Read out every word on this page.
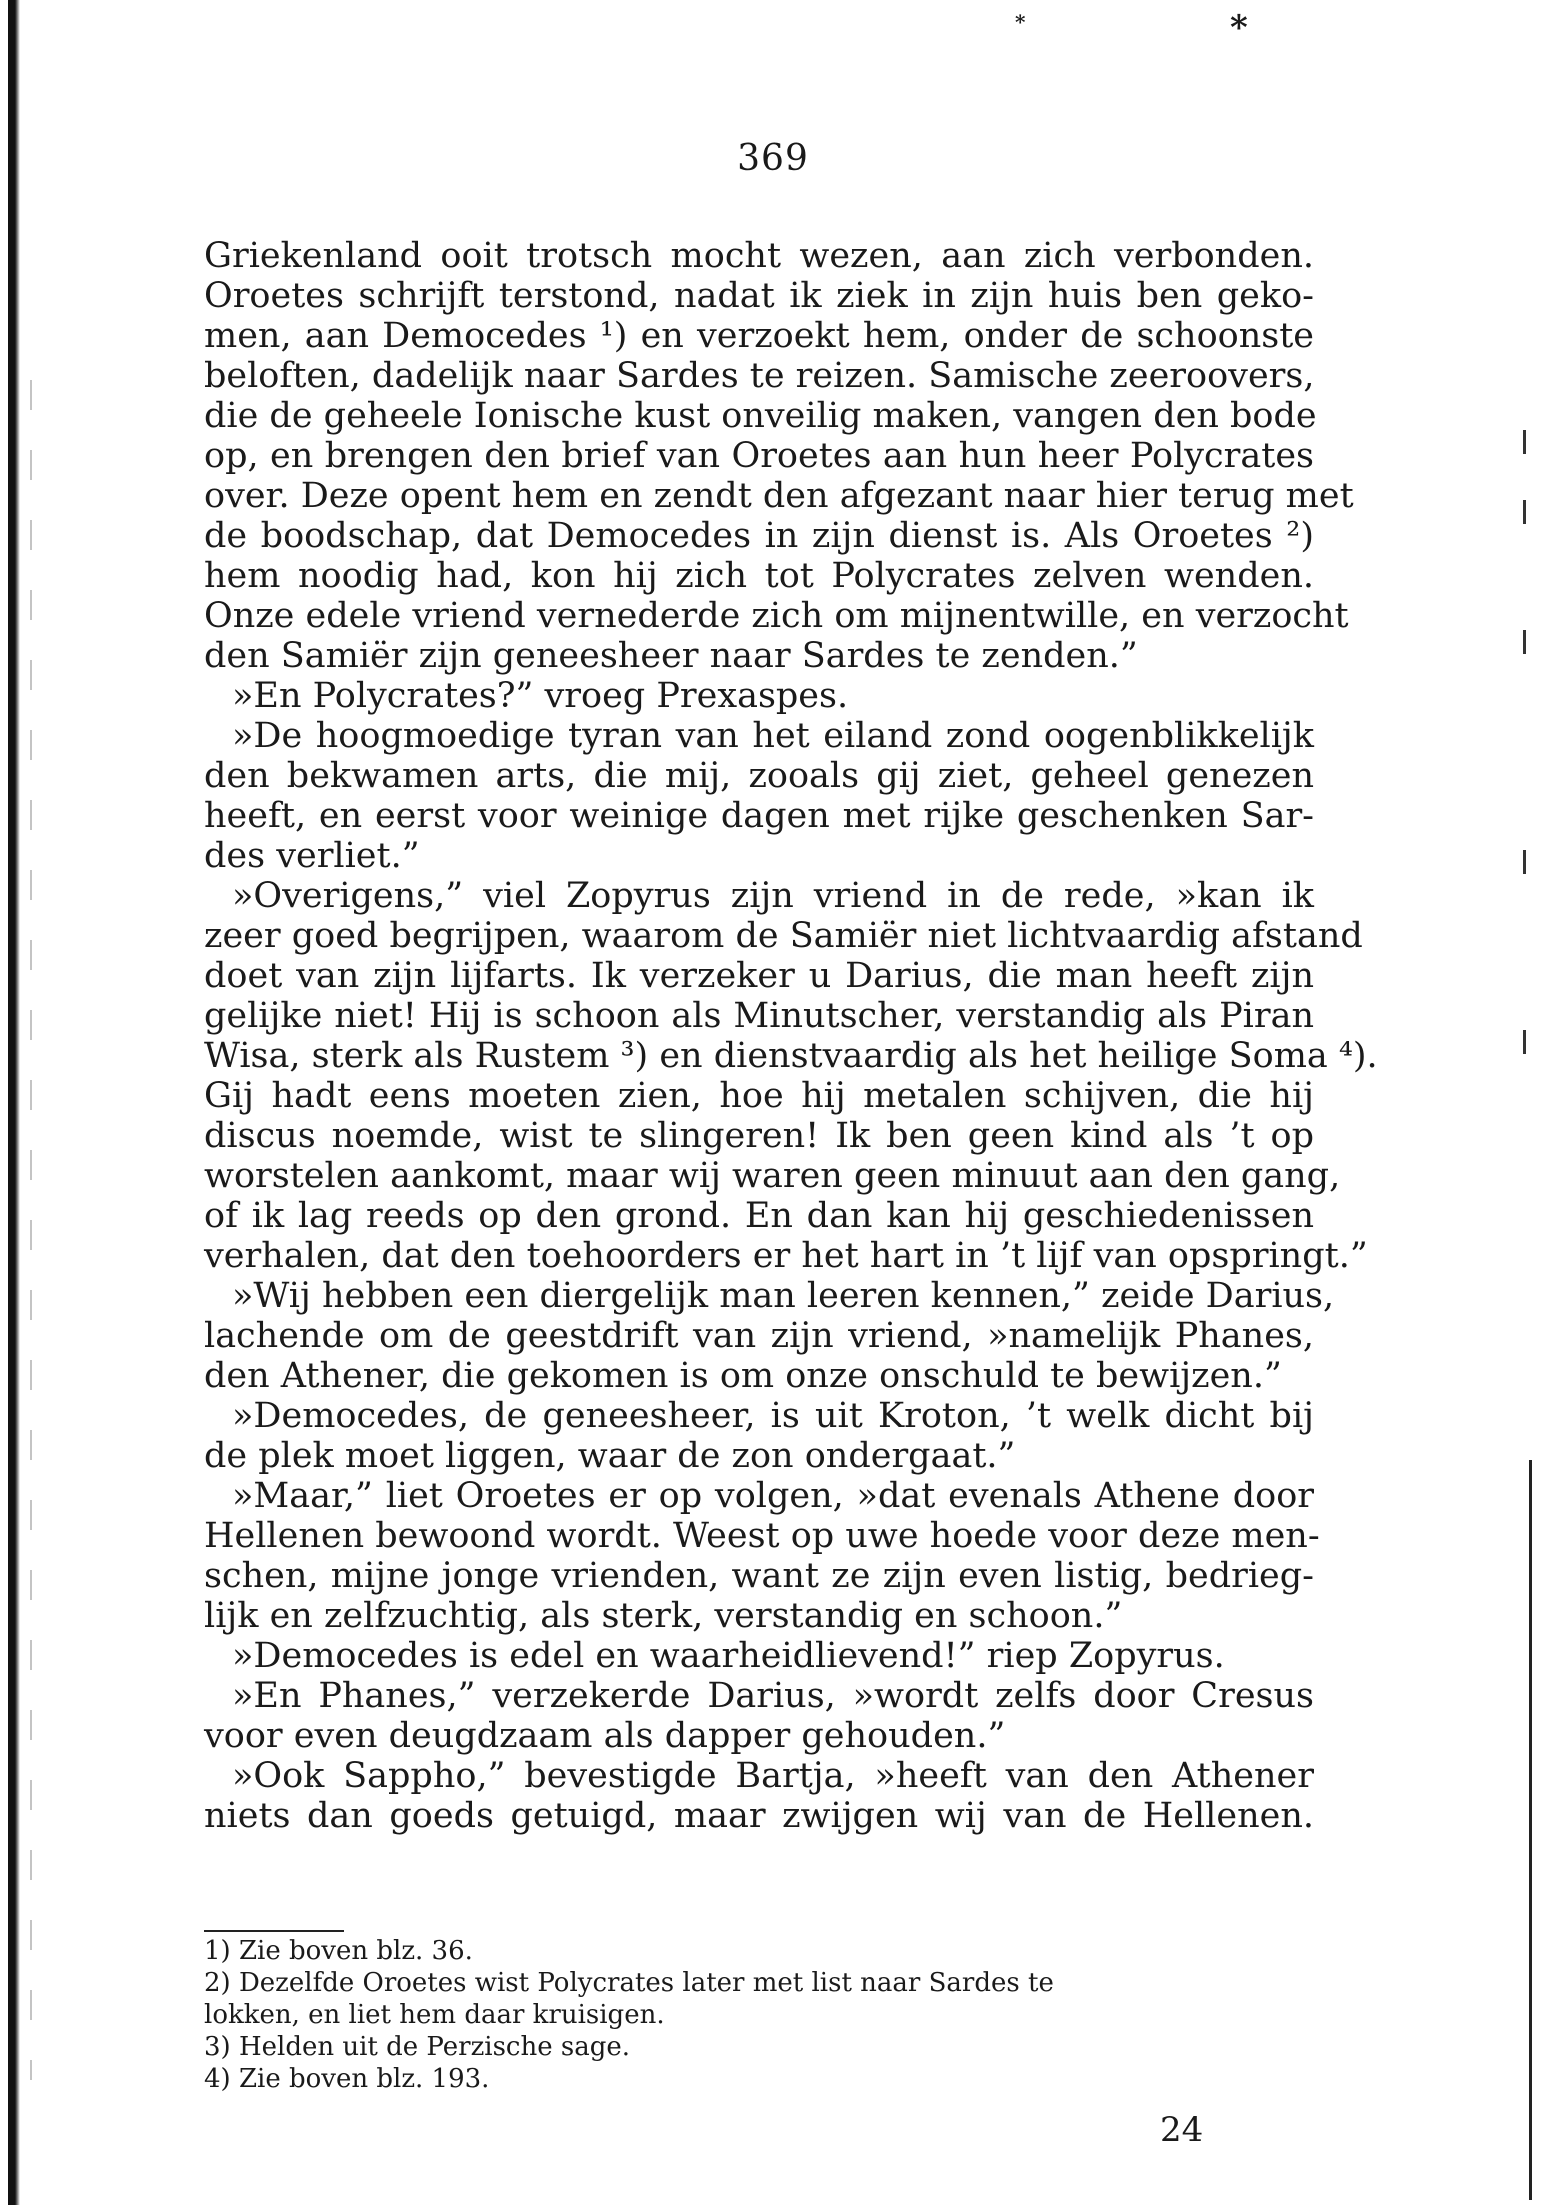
*	*
369
Griekenland ooit trotsch mocht wezen, aan zich verbonden.
Oroetes schrijft terstond, nadat ik ziek in zijn huis ben geko-
men, aan Democedes ¹) en verzoekt hem, onder de schoonste
beloften, dadelijk naar Sardes te reizen. Samische zeeroovers,
die de geheele Ionische kust onveilig maken, vangen den bode
op, en brengen den brief van Oroetes aan hun heer Polycrates
over. Deze opent hem en zendt den afgezant naar hier terug met
de boodschap, dat Democedes in zijn dienst is. Als Oroetes ²)
hem noodig had, kon hij zich tot Polycrates zelven wenden.
Onze edele vriend vernederde zich om mijnentwille, en verzocht
den Samiër zijn geneesheer naar Sardes te zenden.”
»En Polycrates?” vroeg Prexaspes.
»De hoogmoedige tyran van het eiland zond oogenblikkelijk
den bekwamen arts, die mij, zooals gij ziet, geheel genezen
heeft, en eerst voor weinige dagen met rijke geschenken Sar-
des verliet.”
»Overigens,” viel Zopyrus zijn vriend in de rede, »kan ik
zeer goed begrijpen, waarom de Samiër niet lichtvaardig afstand
doet van zijn lijfarts. Ik verzeker u Darius, die man heeft zijn
gelijke niet! Hij is schoon als Minutscher, verstandig als Piran
Wisa, sterk als Rustem ³) en dienstvaardig als het heilige Soma ⁴).
Gij hadt eens moeten zien, hoe hij metalen schijven, die hij
discus noemde, wist te slingeren! Ik ben geen kind als ’t op
worstelen aankomt, maar wij waren geen minuut aan den gang,
of ik lag reeds op den grond. En dan kan hij geschiedenissen
verhalen, dat den toehoorders er het hart in ’t lijf van opspringt.”
»Wij hebben een diergelijk man leeren kennen,” zeide Darius,
lachende om de geestdrift van zijn vriend, »namelijk Phanes,
den Athener, die gekomen is om onze onschuld te bewijzen.”
»Democedes, de geneesheer, is uit Kroton, ’t welk dicht bij
de plek moet liggen, waar de zon ondergaat.”
»Maar,” liet Oroetes er op volgen, »dat evenals Athene door
Hellenen bewoond wordt. Weest op uwe hoede voor deze men-
schen, mijne jonge vrienden, want ze zijn even listig, bedrieg-
lijk en zelfzuchtig, als sterk, verstandig en schoon.”
»Democedes is edel en waarheidlievend!” riep Zopyrus.
»En Phanes,” verzekerde Darius, »wordt zelfs door Cresus
voor even deugdzaam als dapper gehouden.”
»Ook Sappho,” bevestigde Bartja, »heeft van den Athener
niets dan goeds getuigd, maar zwijgen wij van de Hellenen.
1) Zie boven blz. 36.
2) Dezelfde Oroetes wist Polycrates later met list naar Sardes te
lokken, en liet hem daar kruisigen.
3) Helden uit de Perzische sage.
4) Zie boven blz. 193.
24
